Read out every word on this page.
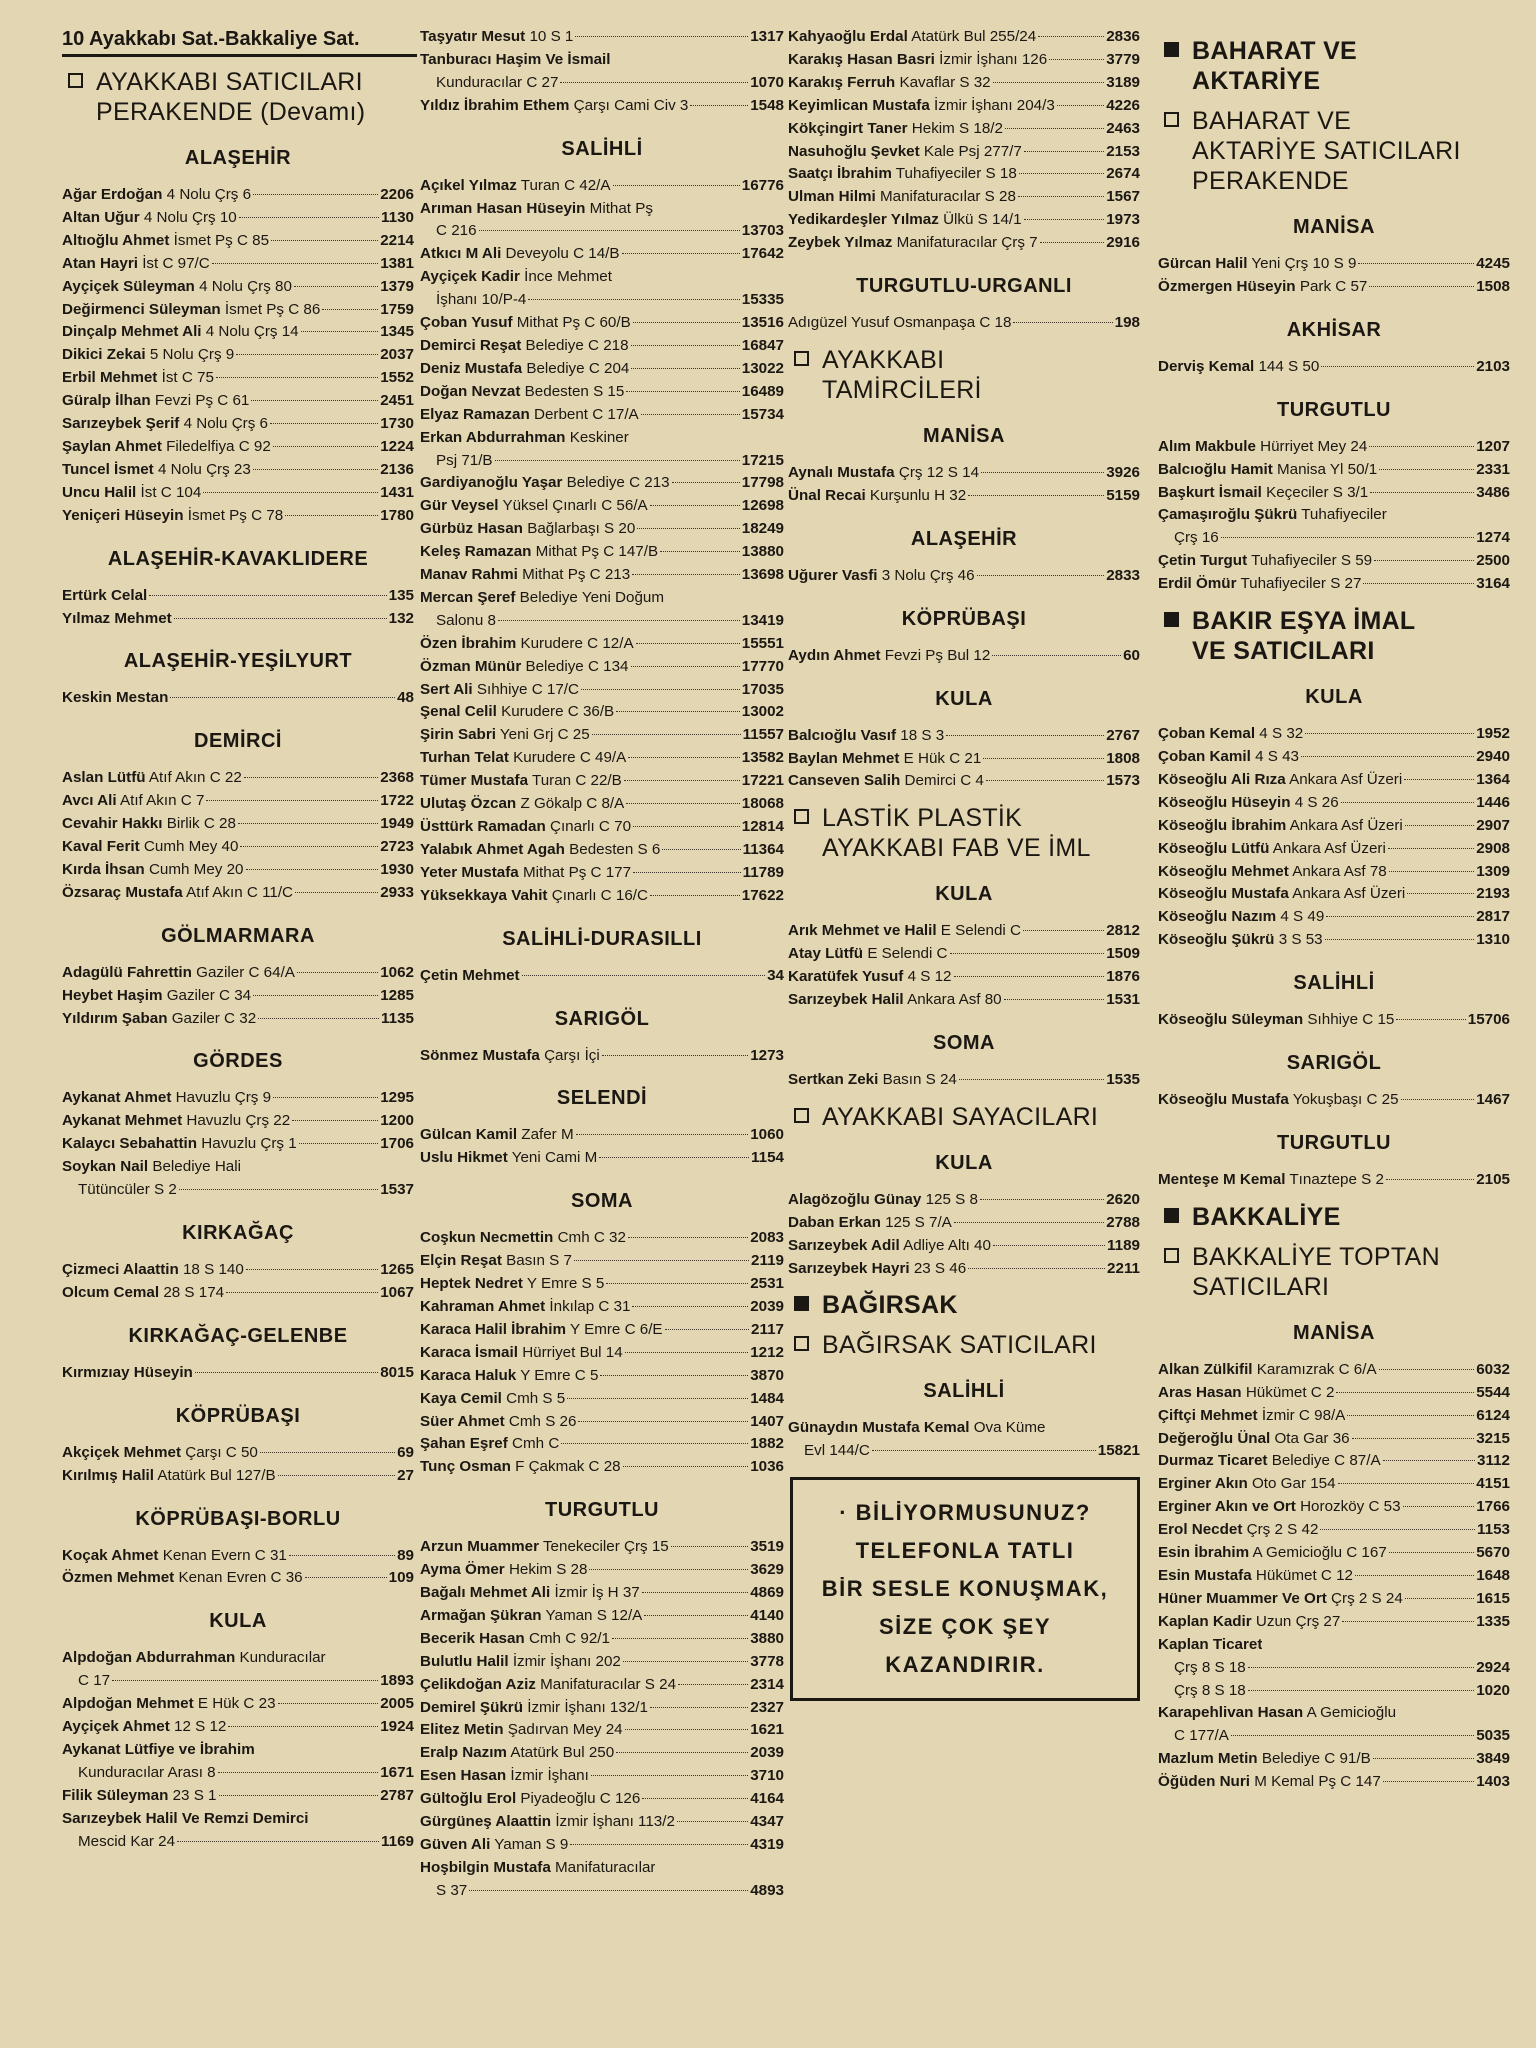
10 Ayakkabı Sat.-Bakkaliye Sat.
AYAKKABI SATICILARI
PERAKENDE (Devamı)
ALAŞEHİR
Ağar Erdoğan 4 Nolu Çrş 6	2206
Altan Uğur 4 Nolu Çrş 10	1130
Altıoğlu Ahmet İsmet Pş C 85	2214
Atan Hayri İst C 97/C	1381
Ayçiçek Süleyman 4 Nolu Çrş 80	1379
Değirmenci Süleyman İsmet Pş C 86	1759
Dinçalp Mehmet Ali 4 Nolu Çrş 14	1345
Dikici Zekai 5 Nolu Çrş 9	2037
Erbil Mehmet İst C 75	1552
Güralp İlhan Fevzi Pş C 61	2451
Sarızeybek Şerif 4 Nolu Çrş 6	1730
Şaylan Ahmet Filedelfiya C 92	1224
Tuncel İsmet 4 Nolu Çrş 23	2136
Uncu Halil İst C 104	1431
Yeniçeri Hüseyin İsmet Pş C 78	1780
ALAŞEHİR-KAVAKLIDERE
Ertürk Celal	135
Yılmaz Mehmet	132
ALAŞEHİR-YEŞİLYURT
Keskin Mestan	48
DEMİRCİ
Aslan Lütfü Atıf Akın C 22	2368
Avcı Ali Atıf Akın C 7	1722
Cevahir Hakkı Birlik C 28	1949
Kaval Ferit Cumh Mey 40	2723
Kırda İhsan Cumh Mey 20	1930
Özsaraç Mustafa Atıf Akın C 11/C	2933
GÖLMARMARA
Adagülü Fahrettin Gaziler C 64/A	1062
Heybet Haşim Gaziler C 34	1285
Yıldırım Şaban Gaziler C 32	1135
GÖRDES
Aykanat Ahmet Havuzlu Çrş 9	1295
Aykanat Mehmet Havuzlu Çrş 22	1200
Kalaycı Sebahattin Havuzlu Çrş 1	1706
Soykan Nail Belediye Hali
Tütüncüler S 2	1537
KIRKAĞAÇ
Çizmeci Alaattin 18 S 140	1265
Olcum Cemal 28 S 174	1067
KIRKAĞAÇ-GELENBE
Kırmızıay Hüseyin	8015
KÖPRÜBAŞI
Akçiçek Mehmet Çarşı C 50	69
Kırılmış Halil Atatürk Bul 127/B	27
KÖPRÜBAŞI-BORLU
Koçak Ahmet Kenan Evern C 31	89
Özmen Mehmet Kenan Evren C 36	109
KULA
Alpdoğan Abdurrahman Kunduracılar
C 17	1893
Alpdoğan Mehmet E Hük C 23	2005
Ayçiçek Ahmet 12 S 12	1924
Aykanat Lütfiye ve İbrahim
Kunduracılar Arası 8	1671
Filik Süleyman 23 S 1	2787
Sarızeybek Halil Ve Remzi Demirci
Mescid Kar 24	1169
Taşyatır Mesut 10 S 1	1317
Tanburacı Haşim Ve İsmail
Kunduracılar C 27	1070
Yıldız İbrahim Ethem Çarşı Cami Civ 3	1548
SALİHLİ
Açıkel Yılmaz Turan C 42/A	16776
Arıman Hasan Hüseyin Mithat Pş
C 216	13703
Atkıcı M Ali Deveyolu C 14/B	17642
Ayçiçek Kadir İnce Mehmet
İşhanı 10/P-4	15335
Çoban Yusuf Mithat Pş C 60/B	13516
Demirci Reşat Belediye C 218	16847
Deniz Mustafa Belediye C 204	13022
Doğan Nevzat Bedesten S 15	16489
Elyaz Ramazan Derbent C 17/A	15734
Erkan Abdurrahman Keskiner
Psj 71/B	17215
Gardiyanoğlu Yaşar Belediye C 213	17798
Gür Veysel Yüksel Çınarlı C 56/A	12698
Gürbüz Hasan Bağlarbaşı S 20	18249
Keleş Ramazan Mithat Pş C 147/B	13880
Manav Rahmi Mithat Pş C 213	13698
Mercan Şeref Belediye Yeni Doğum
Salonu 8	13419
Özen İbrahim Kurudere C 12/A	15551
Özman Münür Belediye C 134	17770
Sert Ali Sıhhiye C 17/C	17035
Şenal Celil Kurudere C 36/B	13002
Şirin Sabri Yeni Grj C 25	11557
Turhan Telat Kurudere C 49/A	13582
Tümer Mustafa Turan C 22/B	17221
Ulutaş Özcan Z Gökalp C 8/A	18068
Üsttürk Ramadan Çınarlı C 70	12814
Yalabık Ahmet Agah Bedesten S 6	11364
Yeter Mustafa Mithat Pş C 177	11789
Yüksekkaya Vahit Çınarlı C 16/C	17622
SALİHLİ-DURASILLI
Çetin Mehmet	34
SARIGÖL
Sönmez Mustafa Çarşı İçi	1273
SELENDİ
Gülcan Kamil Zafer M	1060
Uslu Hikmet Yeni Cami M	1154
SOMA
Coşkun Necmettin Cmh C 32	2083
Elçin Reşat Basın S 7	2119
Heptek Nedret Y Emre S 5	2531
Kahraman Ahmet İnkılap C 31	2039
Karaca Halil İbrahim Y Emre C 6/E	2117
Karaca İsmail Hürriyet Bul 14	1212
Karaca Haluk Y Emre C 5	3870
Kaya Cemil Cmh S 5	1484
Süer Ahmet Cmh S 26	1407
Şahan Eşref Cmh C	1882
Tunç Osman F Çakmak C 28	1036
TURGUTLU
Arzun Muammer Tenekeciler Çrş 15	3519
Ayma Ömer Hekim S 28	3629
Bağalı Mehmet Ali İzmir İş H 37	4869
Armağan Şükran Yaman S 12/A	4140
Becerik Hasan Cmh C 92/1	3880
Bulutlu Halil İzmir İşhanı 202	3778
Çelikdoğan Aziz Manifaturacılar S 24	2314
Demirel Şükrü İzmir İşhanı 132/1	2327
Elitez Metin Şadırvan Mey 24	1621
Eralp Nazım Atatürk Bul 250	2039
Esen Hasan İzmir İşhanı	3710
Gültoğlu Erol Piyadeoğlu C 126	4164
Gürgüneş Alaattin İzmir İşhanı 113/2	4347
Güven Ali Yaman S 9	4319
Hoşbilgin Mustafa Manifaturacılar
S 37	4893
Kahyaoğlu Erdal Atatürk Bul 255/24	2836
Karakış Hasan Basri İzmir İşhanı 126	3779
Karakış Ferruh Kavaflar S 32	3189
Keyimlican Mustafa İzmir İşhanı 204/3	4226
Kökçingirt Taner Hekim S 18/2	2463
Nasuhoğlu Şevket Kale Psj 277/7	2153
Saatçı İbrahim Tuhafiyeciler S 18	2674
Ulman Hilmi Manifaturacılar S 28	1567
Yedikardeşler Yılmaz Ülkü S 14/1	1973
Zeybek Yılmaz Manifaturacılar Çrş 7	2916
TURGUTLU-URGANLI
Adıgüzel Yusuf Osmanpaşa C 18	198
AYAKKABI
TAMİRCİLERİ
MANİSA
Aynalı Mustafa Çrş 12 S 14	3926
Ünal Recai Kurşunlu H 32	5159
ALAŞEHİR
Uğurer Vasfi 3 Nolu Çrş 46	2833
KÖPRÜBAŞI
Aydın Ahmet Fevzi Pş Bul 12	60
KULA
Balcıoğlu Vasıf 18 S 3	2767
Baylan Mehmet E Hük C 21	1808
Canseven Salih Demirci C 4	1573
LASTİK PLASTİK
AYAKKABI FAB VE İML
KULA
Arık Mehmet ve Halil E Selendi C	2812
Atay Lütfü E Selendi C	1509
Karatüfek Yusuf 4 S 12	1876
Sarızeybek Halil Ankara Asf 80	1531
SOMA
Sertkan Zeki Basın S 24	1535
AYAKKABI SAYACILARI
KULA
Alagözoğlu Günay 125 S 8	2620
Daban Erkan 125 S 7/A	2788
Sarızeybek Adil Adliye Altı 40	1189
Sarızeybek Hayri 23 S 46	2211
BAĞIRSAK
BAĞIRSAK SATICILARI
SALİHLİ
Günaydın Mustafa Kemal Ova Küme
Evl 144/C	15821
· BİLİYORMUSUNUZ?
TELEFONLA TATLI
BİR SESLE KONUŞMAK,
SİZE ÇOK ŞEY
KAZANDIRIR.
BAHARAT VE
AKTARİYE
BAHARAT VE
AKTARİYE SATICILARI
PERAKENDE
MANİSA
Gürcan Halil Yeni Çrş 10 S 9	4245
Özmergen Hüseyin Park C 57	1508
AKHİSAR
Derviş Kemal 144 S 50	2103
TURGUTLU
Alım Makbule Hürriyet Mey 24	1207
Balcıoğlu Hamit Manisa Yl 50/1	2331
Başkurt İsmail Keçeciler S 3/1	3486
Çamaşıroğlu Şükrü Tuhafiyeciler
Çrş 16	1274
Çetin Turgut Tuhafiyeciler S 59	2500
Erdil Ömür Tuhafiyeciler S 27	3164
BAKIR EŞYA İMAL
VE SATICILARI
KULA
Çoban Kemal 4 S 32	1952
Çoban Kamil 4 S 43	2940
Köseoğlu Ali Rıza Ankara Asf Üzeri	1364
Köseoğlu Hüseyin 4 S 26	1446
Köseoğlu İbrahim Ankara Asf Üzeri	2907
Köseoğlu Lütfü Ankara Asf Üzeri	2908
Köseoğlu Mehmet Ankara Asf 78	1309
Köseoğlu Mustafa Ankara Asf Üzeri	2193
Köseoğlu Nazım 4 S 49	2817
Köseoğlu Şükrü 3 S 53	1310
SALİHLİ
Köseoğlu Süleyman Sıhhiye C 15	15706
SARIGÖL
Köseoğlu Mustafa Yokuşbaşı C 25	1467
TURGUTLU
Menteşe M Kemal Tınaztepe S 2	2105
BAKKALİYE
BAKKALİYE TOPTAN
SATICILARI
MANİSA
Alkan Zülkifil Karamızrak C 6/A	6032
Aras Hasan Hükümet C 2	5544
Çiftçi Mehmet İzmir C 98/A	6124
Değeroğlu Ünal Ota Gar 36	3215
Durmaz Ticaret Belediye C 87/A	3112
Erginer Akın Oto Gar 154	4151
Erginer Akın ve Ort Horozköy C 53	1766
Erol Necdet Çrş 2 S 42	1153
Esin İbrahim A Gemicioğlu C 167	5670
Esin Mustafa Hükümet C 12	1648
Hüner Muammer Ve Ort Çrş 2 S 24	1615
Kaplan Kadir Uzun Çrş 27	1335
Kaplan Ticaret
Çrş 8 S 18	2924
Çrş 8 S 18	1020
Karapehlivan Hasan A Gemicioğlu
C 177/A	5035
Mazlum Metin Belediye C 91/B	3849
Öğüden Nuri M Kemal Pş C 147	1403
